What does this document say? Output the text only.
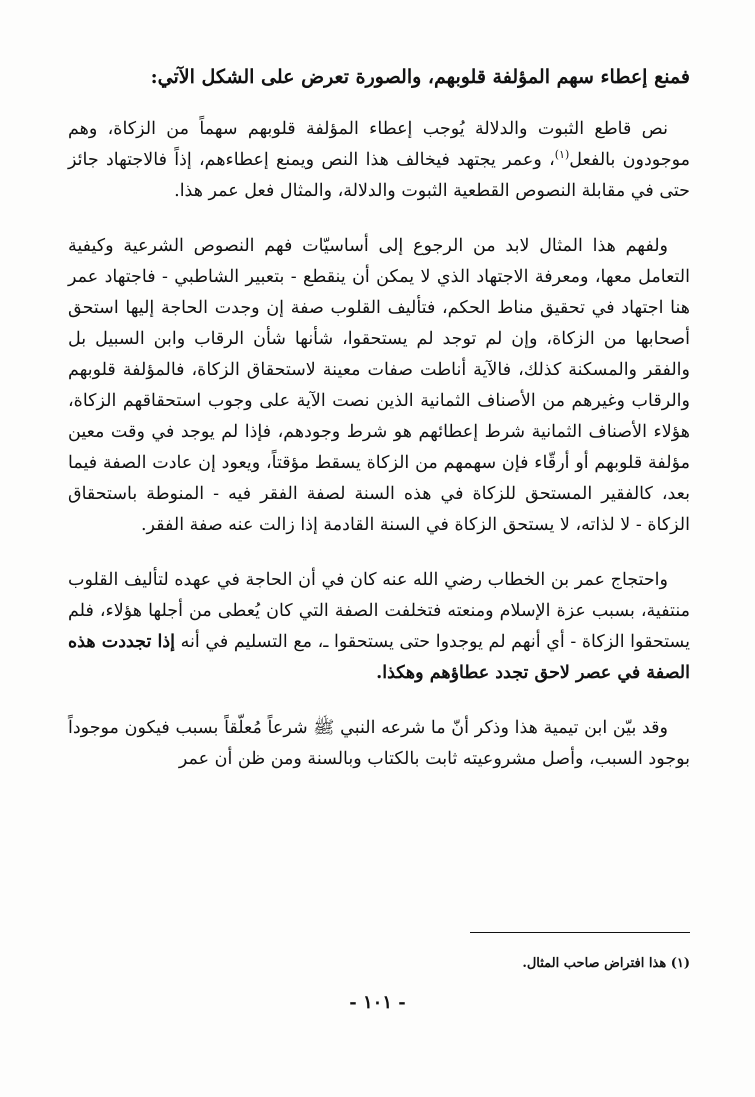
فمنع إعطاء سهم المؤلفة قلوبهم، والصورة تعرض على الشكل الآتي:

نص قاطع الثبوت والدلالة يُوجب إعطاء المؤلفة قلوبهم سهماً من الزكاة، وهم موجودون بالفعل$^{(١)}$، وعمر يجتهد فيخالف هذا النص ويمنع إعطاءهم، إذاً فالاجتهاد جائز حتى في مقابلة النصوص القطعية الثبوت والدلالة، والمثال فعل عمر هذا.

ولفهم هذا المثال لابد من الرجوع إلى أساسيّات فهم النصوص الشرعية وكيفية التعامل معها، ومعرفة الاجتهاد الذي لا يمكن أن ينقطع - بتعبير الشاطبي - فاجتهاد عمر هنا اجتهاد في تحقيق مناط الحكم، فتأليف القلوب صفة إن وجدت الحاجة إليها استحق أصحابها من الزكاة، وإن لم توجد لم يستحقوا، شأنها شأن الرقاب وابن السبيل بل والفقر والمسكنة كذلك، فالآية أناطت صفات معينة لاستحقاق الزكاة، فالمؤلفة قلوبهم والرقاب وغيرهم من الأصناف الثمانية الذين نصت الآية على وجوب استحقاقهم الزكاة، هؤلاء الأصناف الثمانية شرط إعطائهم هو شرط وجودهم، فإذا لم يوجد في وقت معين مؤلفة قلوبهم أو أرقّاء فإن سهمهم من الزكاة يسقط مؤقتاً، ويعود إن عادت الصفة فيما بعد، كالفقير المستحق للزكاة في هذه السنة لصفة الفقر فيه - المنوطة باستحقاق الزكاة - لا لذاته، لا يستحق الزكاة في السنة القادمة إذا زالت عنه صفة الفقر.

واحتجاج عمر بن الخطاب رضي الله عنه كان في أن الحاجة في عهده لتأليف القلوب منتفية، بسبب عزة الإسلام ومنعته فتخلفت الصفة التي كان يُعطى من أجلها هؤلاء، فلم يستحقوا الزكاة - أي أنهم لم يوجدوا حتى يستحقوا ـ، مع التسليم في أنه إذا تجددت هذه الصفة في عصر لاحق تجدد عطاؤهم وهكذا.

وقد بيّن ابن تيمية هذا وذكر أنّ ما شرعه النبي ﷺ شرعاً مُعلّقاً بسبب فيكون موجوداً بوجود السبب، وأصل مشروعيته ثابت بالكتاب وبالسنة ومن ظن أن عمر

(١) هذا افتراض صاحب المثال.
- ١٠١ -
